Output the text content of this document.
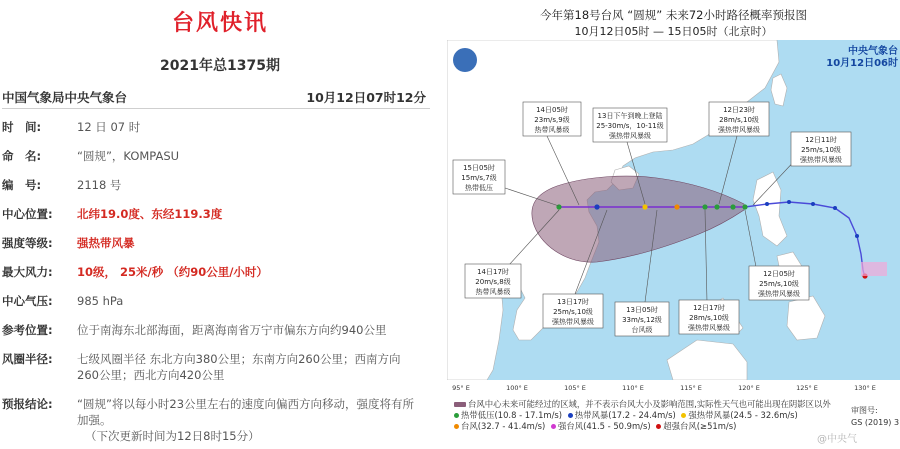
台风快讯
2021年总1375期
中国气象局中央气象台	10月12日07时12分
时　间:	12 日 07 时
命　名:	“圆规”，KOMPASU
编　号:	2118 号
中心位置:	北纬19.0度、东经119.3度
强度等级:	强热带风暴
最大风力:	10级， 25米/秒 （约90公里/小时）
中心气压:	985 hPa
参考位置:	位于南海东北部海面，距离海南省万宁市偏东方向约940公里
风圈半径:	七级风圈半径 东北方向380公里；东南方向260公里；西南方向260公里；西北方向420公里
预报结论:	“圆规”将以每小时23公里左右的速度向偏西方向移动，强度将有所加强。
（下次更新时间为12日8时15分）
今年第18号台风 “圆规” 未来72小时路径概率预报图
10月12日05时 — 15日05时（北京时）
14日05时
23m/s,9级
热带风暴级
13日下午到晚上登陆
25-30m/s，10-11级
强热带风暴级
12日23时
28m/s,10级
强热带风暴级
12日11时
25m/s,10级
强热带风暴级
15日05时
15m/s,7级
热带低压
14日17时
20m/s,8级
热带风暴级
13日17时
25m/s,10级
强热带风暴级
13日05时
33m/s,12级
台风级
12日17时
28m/s,10级
强热带风暴级
12日05时
25m/s,10级
强热带风暴级
95° E	100° E	105° E	110° E	115° E	120° E	125° E	130° E
中央气象台
10月12日06时
台风中心未来可能经过的区域，并不表示台风大小及影响范围,实际性天气也可能出现在阴影区以外
热带低压(10.8 - 17.1m/s) 热带风暴(17.2 - 24.4m/s) 强热带风暴(24.5 - 32.6m/s)
台风(32.7 - 41.4m/s) 强台风(41.5 - 50.9m/s) 超强台风(≥51m/s)
审图号:
GS (2019) 3
@中央气
